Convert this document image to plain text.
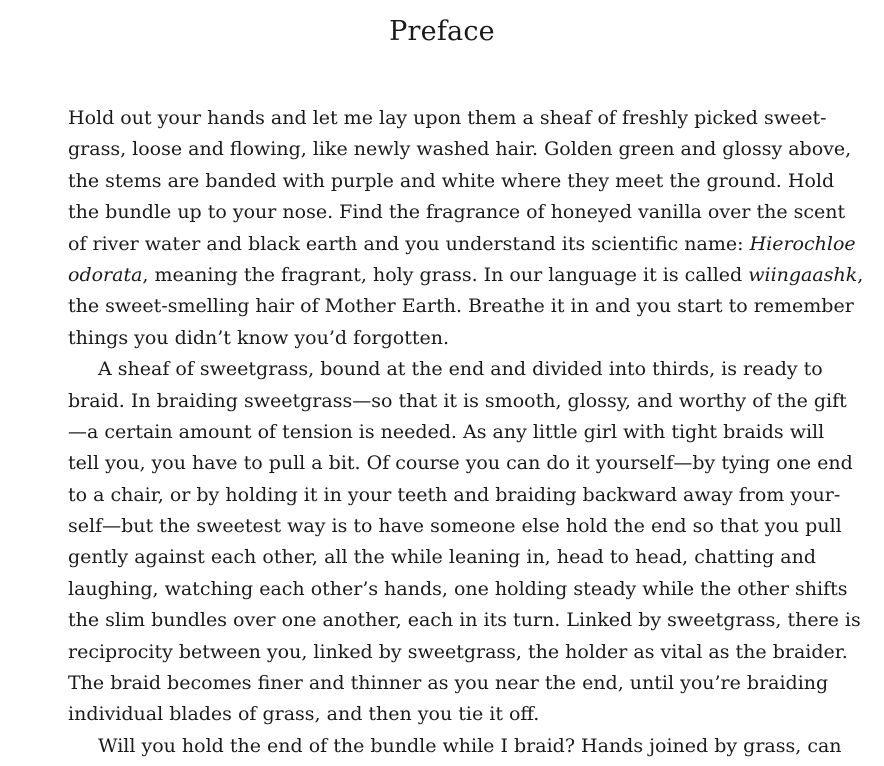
Preface
Hold out your hands and let me lay upon them a sheaf of freshly picked sweet-
grass, loose and flowing, like newly washed hair. Golden green and glossy above,
the stems are banded with purple and white where they meet the ground. Hold
the bundle up to your nose. Find the fragrance of honeyed vanilla over the scent
of river water and black earth and you understand its scientific name: Hierochloe
odorata, meaning the fragrant, holy grass. In our language it is called wiingaashk,
the sweet-smelling hair of Mother Earth. Breathe it in and you start to remember
things you didn’t know you’d forgotten.
A sheaf of sweetgrass, bound at the end and divided into thirds, is ready to
braid. In braiding sweetgrass—so that it is smooth, glossy, and worthy of the gift
—a certain amount of tension is needed. As any little girl with tight braids will
tell you, you have to pull a bit. Of course you can do it yourself—by tying one end
to a chair, or by holding it in your teeth and braiding backward away from your-
self—but the sweetest way is to have someone else hold the end so that you pull
gently against each other, all the while leaning in, head to head, chatting and
laughing, watching each other’s hands, one holding steady while the other shifts
the slim bundles over one another, each in its turn. Linked by sweetgrass, there is
reciprocity between you, linked by sweetgrass, the holder as vital as the braider.
The braid becomes finer and thinner as you near the end, until you’re braiding
individual blades of grass, and then you tie it off.
Will you hold the end of the bundle while I braid? Hands joined by grass, can
